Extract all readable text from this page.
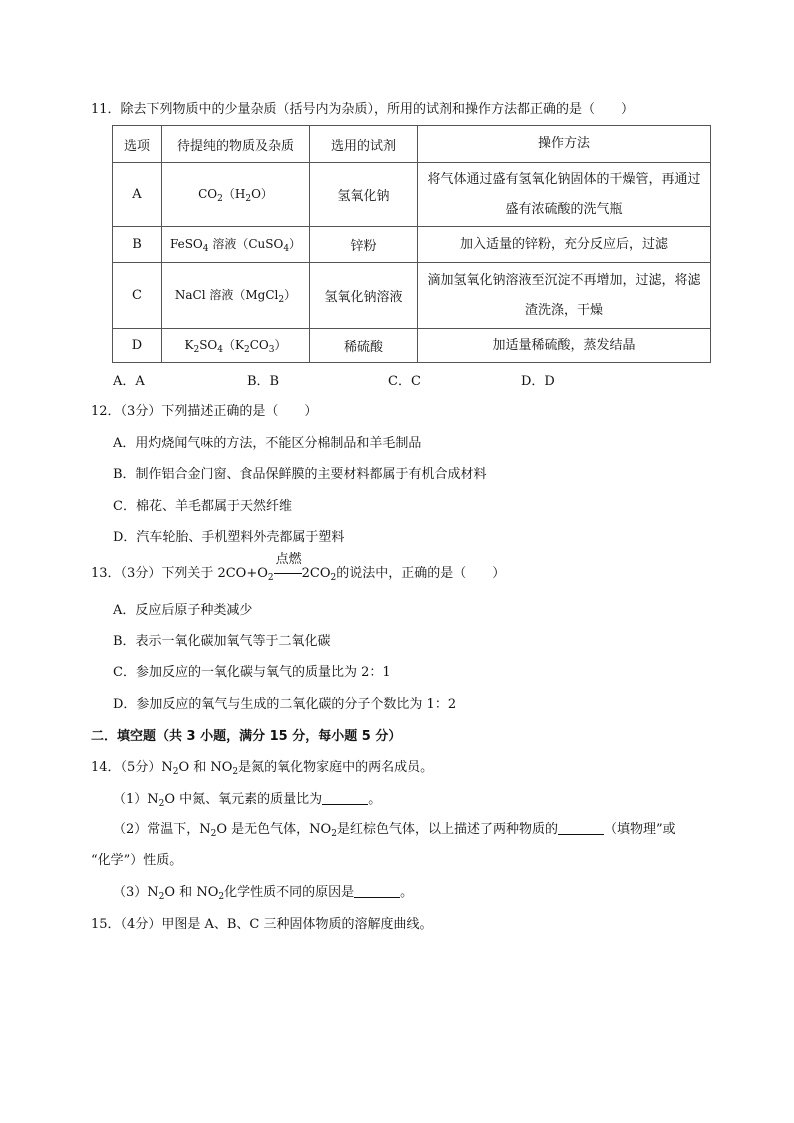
11．除去下列物质中的少量杂质（括号内为杂质），所用的试剂和操作方法都正确的是（　　）
选项	待提纯的物质及杂质	选用的试剂	操作方法
A	$CO_2(H_2O)$	氢氧化钠	将气体通过盛有氢氧化钠固体的干燥管，再通过
盛有浓硫酸的洗气瓶

B	FeSO$_4$ 溶液（CuSO$_4$）	锌粉	加入适量的锌粉，充分反应后，过滤
C	NaCl 溶液（MgCl$_2$）	氢氧化钠溶液	滴加氢氧化钠溶液至沉淀不再增加，过滤，将滤
渣洗涤，干燥

D	$K_2SO_4(K_2CO_3)$	稀硫酸	加适量稀硫酸，蒸发结晶
A．A	B．B	C．C	D．D
12．（3分）下列描述正确的是（　　）
A．用灼烧闻气味的方法，不能区分棉制品和羊毛制品
B．制作铝合金门窗、食品保鲜膜的主要材料都属于有机合成材料
C．棉花、羊毛都属于天然纤维
D．汽车轮胎、手机塑料外壳都属于塑料
13．（3分）下列关于 $2CO+O_2$
点燃
$2CO_2$的说法中，正确的是（　　）
A．反应后原子种类减少
B．表示一氧化碳加氧气等于二氧化碳
C．参加反应的一氧化碳与氧气的质量比为 2：1
D．参加反应的氧气与生成的二氧化碳的分子个数比为 1：2
二．填空题（共 3 小题，满分 15 分，每小题 5 分）
14．（5分）$N_2O$ 和 $NO_2$是氮的氧化物家庭中的两名成员。
$(1)N_2O$ 中氮、氧元素的质量比为	。
（2）常温下，$N_2O$ 是无色气体，$NO_2$是红棕色气体，以上描述了两种物质的	（填物理”或
“化学”）性质。
$(3)N_2O$ 和 $NO_2$化学性质不同的原因是	。
15．（4分）甲图是 A、B、C 三种固体物质的溶解度曲线。
